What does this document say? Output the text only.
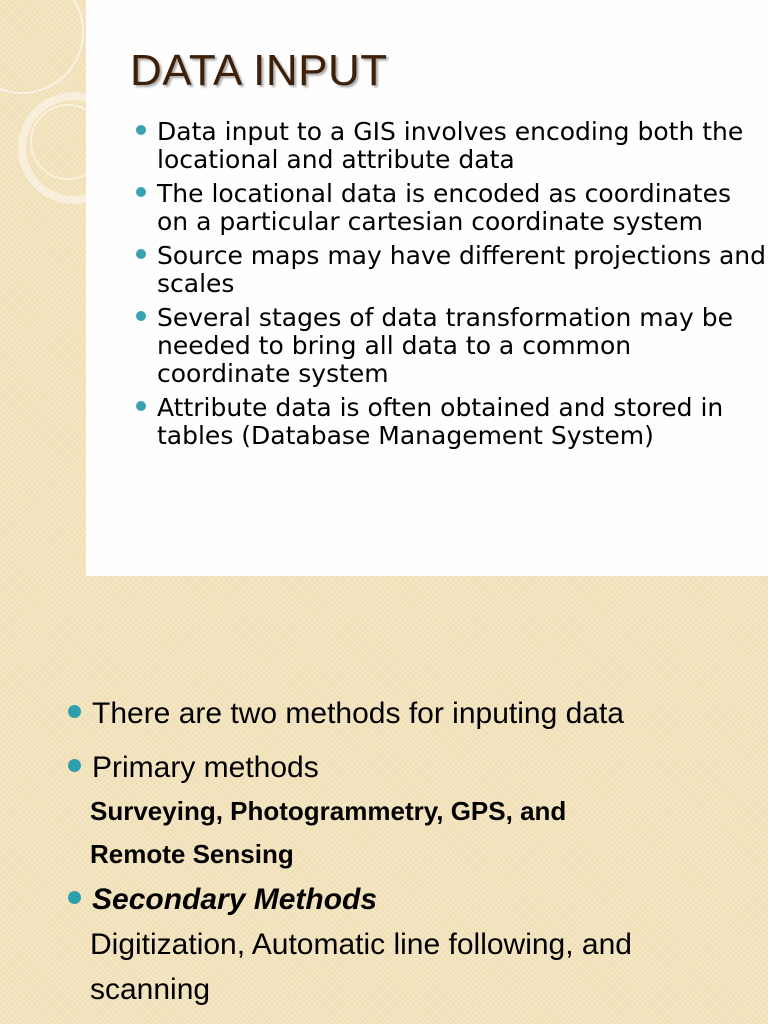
DATA INPUT
Data input to a GIS involves encoding both the locational and attribute data
The locational data is encoded as coordinates on a particular cartesian coordinate system
Source maps may have different projections and scales
Several stages of data transformation may be needed to bring all data to a common coordinate system
Attribute data is often obtained and stored in tables (Database Management System)
There are two methods for inputing data
Primary methods
Surveying, Photogrammetry, GPS, and Remote Sensing
Secondary Methods
Digitization, Automatic line following, and scanning
